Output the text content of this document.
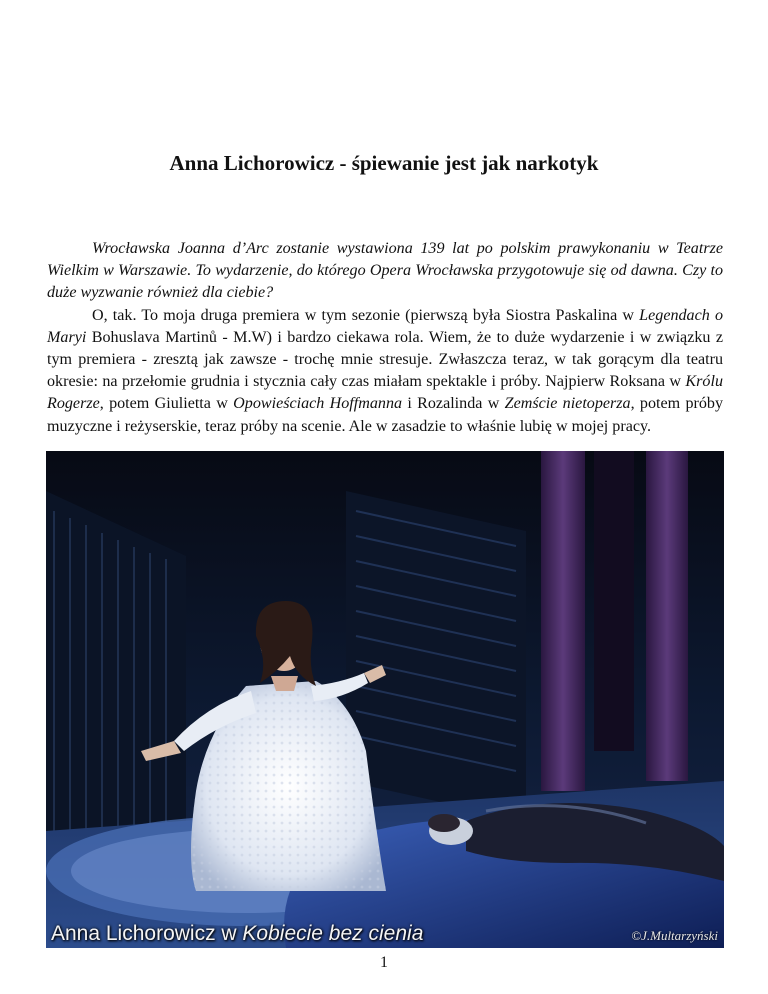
Anna Lichorowicz - śpiewanie jest jak narkotyk

Wrocławska Joanna d’Arc zostanie wystawiona 139 lat po polskim prawykonaniu w Teatrze Wielkim w Warszawie. To wydarzenie, do którego Opera Wrocławska przygotowuje się od dawna. Czy to duże wyzwanie również dla ciebie?

O, tak. To moja druga premiera w tym sezonie (pierwszą była Siostra Paskalina w Legendach o Maryi Bohuslava Martinů - M.W) i bardzo ciekawa rola. Wiem, że to duże wydarzenie i w związku z tym premiera - zresztą jak zawsze - trochę mnie stresuje. Zwłaszcza teraz, w tak gorącym dla teatru okresie: na przełomie grudnia i stycznia cały czas miałam spektakle i próby. Najpierw Roksana w Królu Rogerze, potem Giulietta w Opowieściach Hoffmanna i Rozalinda w Zemście nietoperza, potem próby muzyczne i reżyserskie, teraz próby na scenie. Ale w zasadzie to właśnie lubię w mojej pracy.

Anna Lichorowicz w Kobiecie bez cienia	©J.Multarzyński
1
